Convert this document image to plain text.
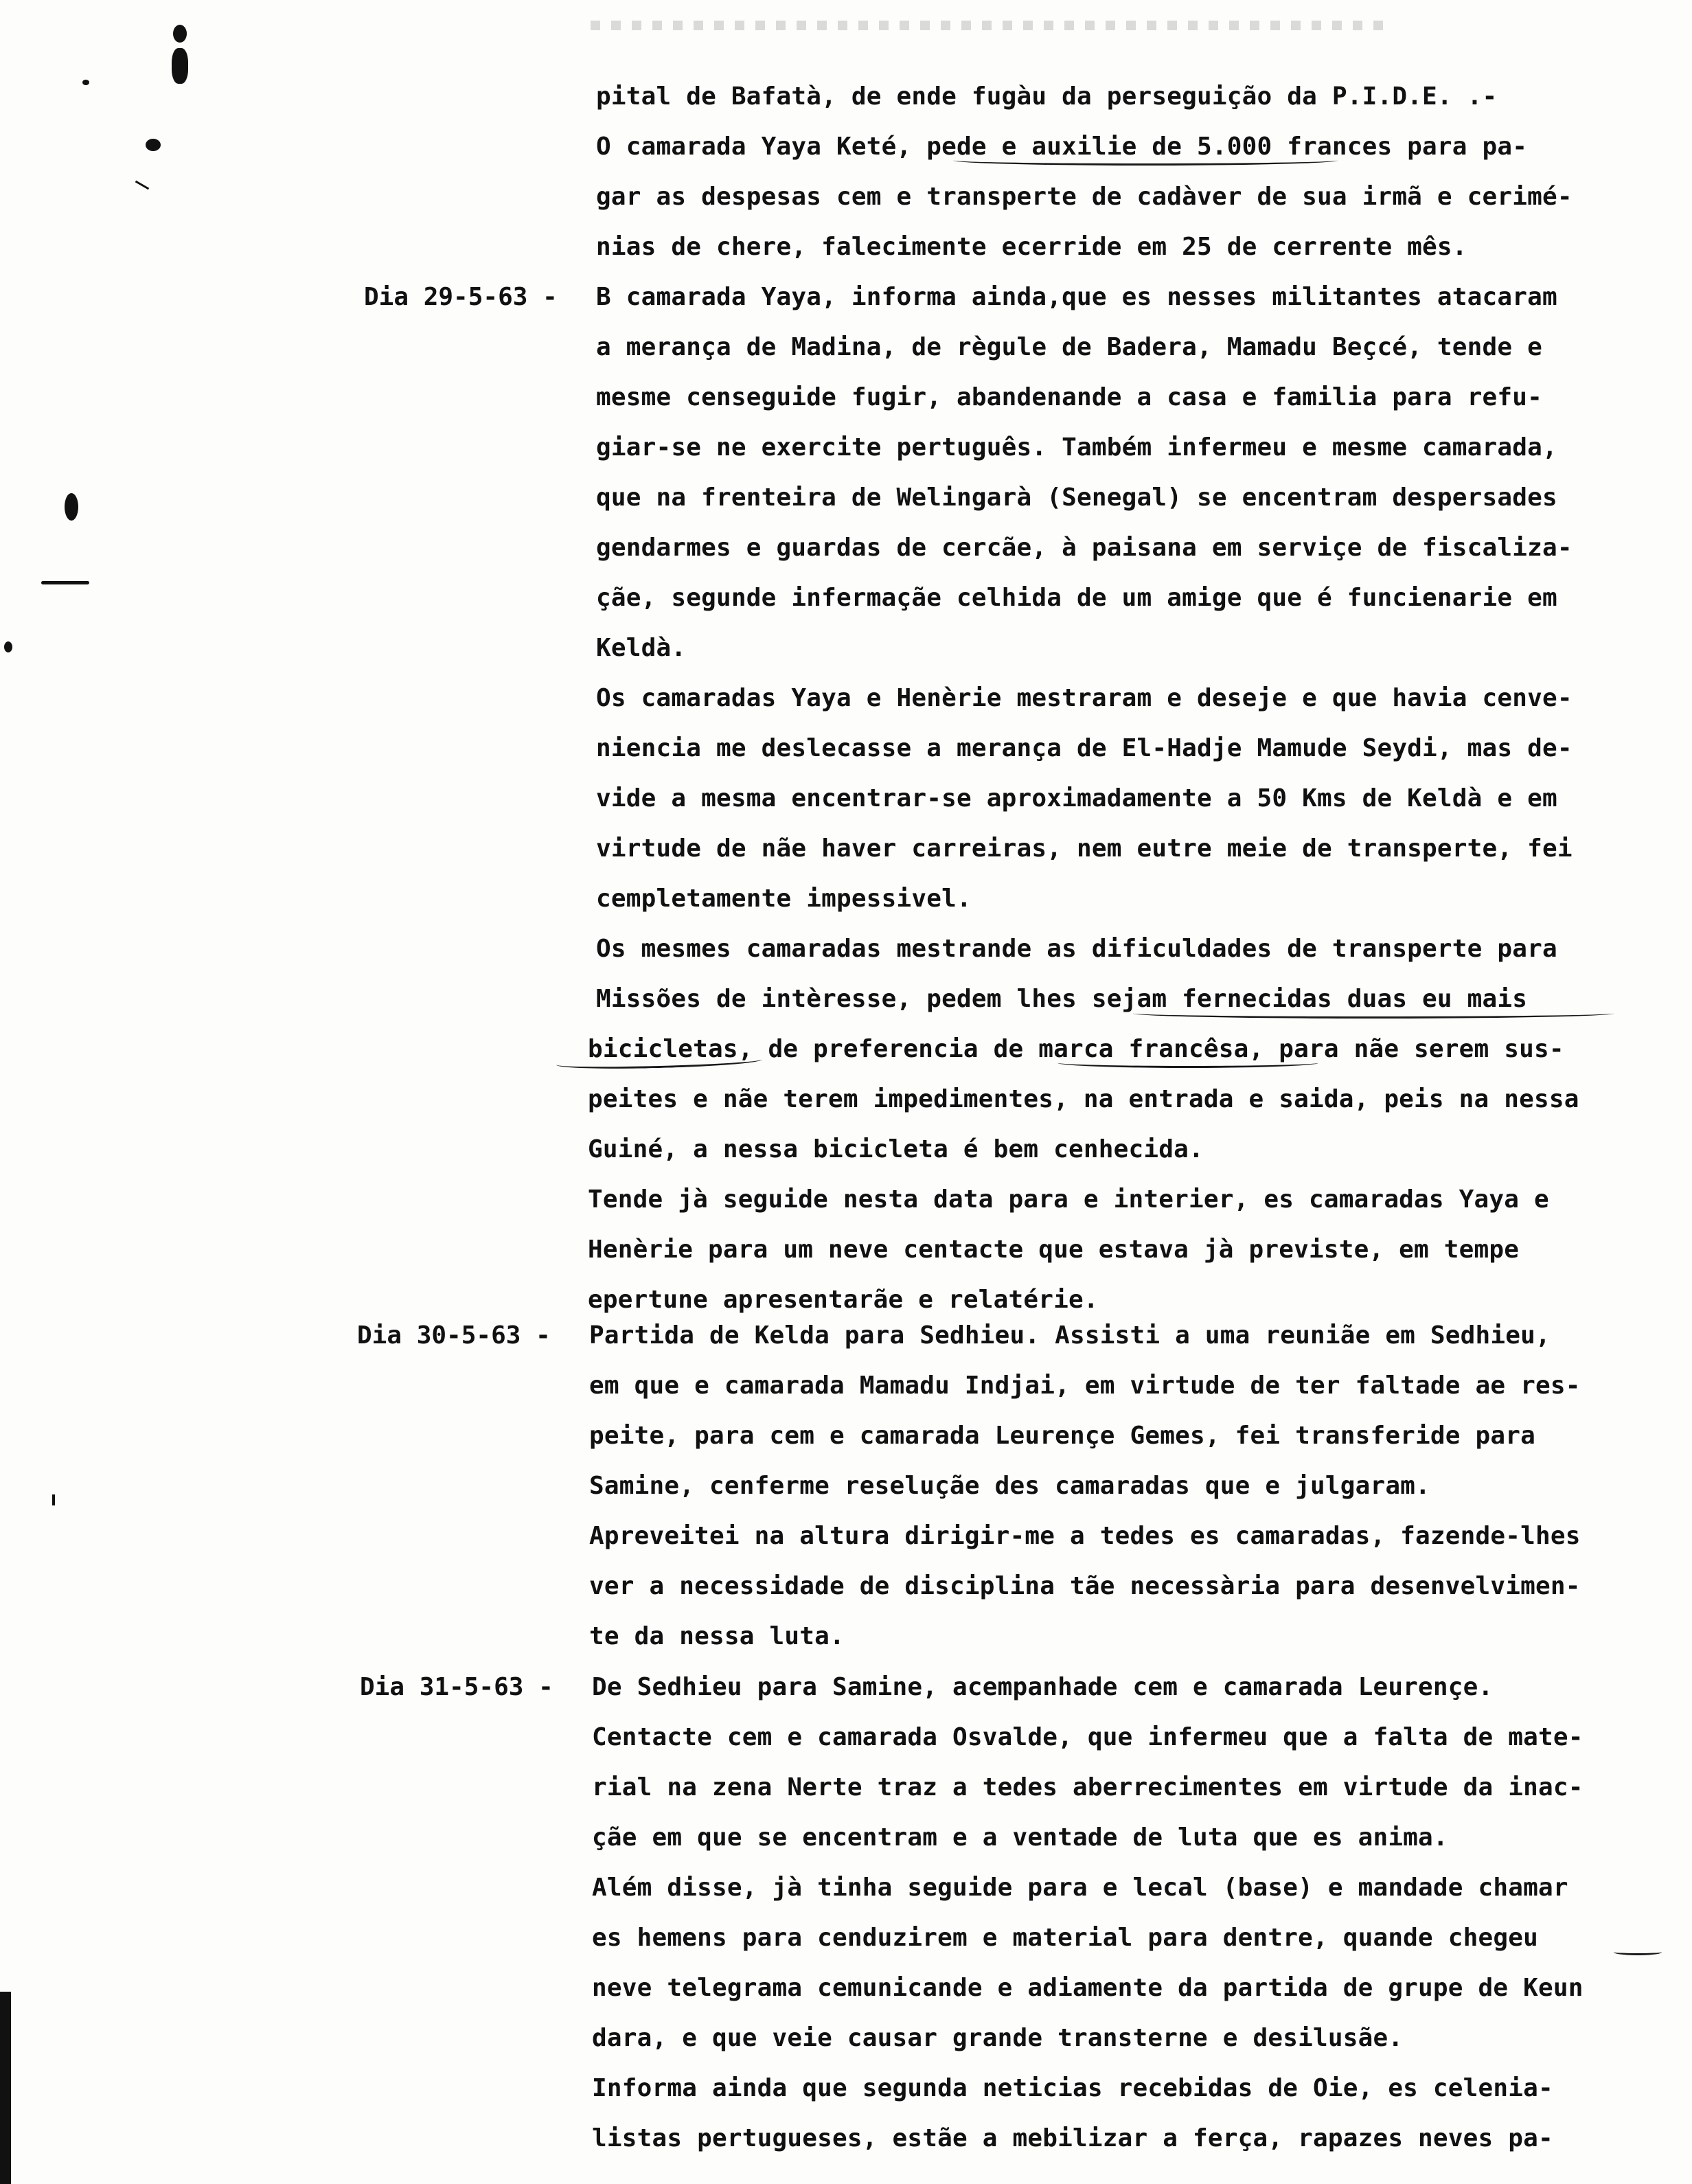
Dia 29-5-63 -
Dia 30-5-63 -
Dia 31-5-63 -
pital de Bafatà, de ende fugàu da perseguição da P.I.D.E. .-
O camarada Yaya Keté, pede e auxilie de 5.000 frances para pa-
gar as despesas cem e transperte de cadàver de sua irmã e cerimé-
nias de chere, falecimente ecerride em 25 de cerrente mês.
B camarada Yaya, informa ainda,que es nesses militantes atacaram
a merança de Madina, de règule de Badera, Mamadu Beçcé, tende e
mesme censeguide fugir, abandenande a casa e familia para refu-
giar-se ne exercite pertuguês. Também infermeu e mesme camarada,
que na frenteira de Welingarà (Senegal) se encentram despersades
gendarmes e guardas de cercãe, à paisana em serviçe de fiscaliza-
çãe, segunde infermaçãe celhida de um amige que é funcienarie em
Keldà.
Os camaradas Yaya e Henèrie mestraram e deseje e que havia cenve-
niencia me deslecasse a merança de El-Hadje Mamude Seydi, mas de-
vide a mesma encentrar-se aproximadamente a 50 Kms de Keldà e em
virtude de nãe haver carreiras, nem eutre meie de transperte, fei
cempletamente impessivel.
Os mesmes camaradas mestrande as dificuldades de transperte para
Missões de intèresse, pedem lhes sejam fernecidas duas eu mais
bicicletas, de preferencia de marca francêsa, para nãe serem sus-
peites e nãe terem impedimentes, na entrada e saida, peis na nessa
Guiné, a nessa bicicleta é bem cenhecida.
Tende jà seguide nesta data para e interier, es camaradas Yaya e
Henèrie para um neve centacte que estava jà previste, em tempe
epertune apresentarãe e relatérie.
Partida de Kelda para Sedhieu. Assisti a uma reuniãe em Sedhieu,
em que e camarada Mamadu Indjai, em virtude de ter faltade ae res-
peite, para cem e camarada Leurençe Gemes, fei transferide para
Samine, cenferme reseluçãe des camaradas que e julgaram.
Apreveitei na altura dirigir-me a tedes es camaradas, fazende-lhes
ver a necessidade de disciplina tãe necessària para desenvelvimen-
te da nessa luta.
De Sedhieu para Samine, acempanhade cem e camarada Leurençe.
Centacte cem e camarada Osvalde, que infermeu que a falta de mate-
rial na zena Nerte traz a tedes aberrecimentes em virtude da inac-
çãe em que se encentram e a ventade de luta que es anima.
Além disse, jà tinha seguide para e lecal (base) e mandade chamar
es hemens para cenduzirem e material para dentre, quande chegeu
neve telegrama cemunicande e adiamente da partida de grupe de Keun
dara, e que veie causar grande transterne e desilusãe.
Informa ainda que segunda neticias recebidas de Oie, es celenia-
listas pertugueses, estãe a mebilizar a ferça, rapazes neves pa-
